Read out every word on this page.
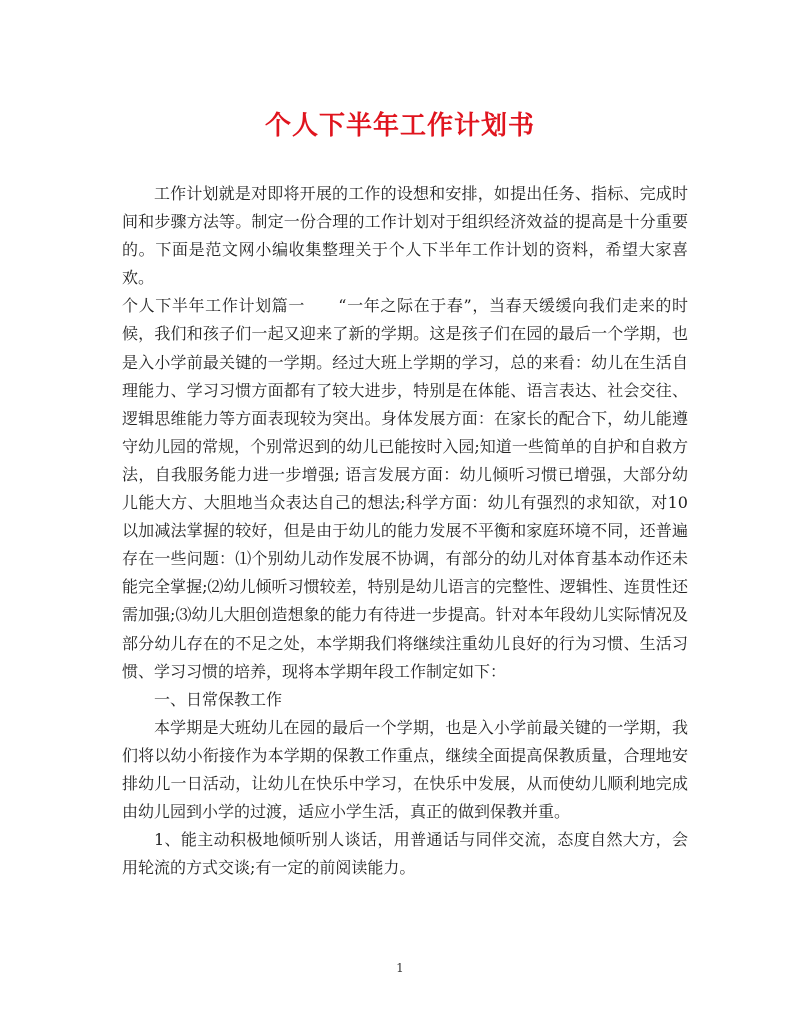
个人下半年工作计划书

工作计划就是对即将开展的工作的设想和安排，如提出任务、指标、完成时间和步骤方法等。制定一份合理的工作计划对于组织经济效益的提高是十分重要的。下面是范文网小编收集整理关于个人下半年工作计划的资料，希望大家喜欢。

个人下半年工作计划篇一　　“一年之际在于春”，当春天缓缓向我们走来的时候，我们和孩子们一起又迎来了新的学期。这是孩子们在园的最后一个学期，也是入小学前最关键的一学期。经过大班上学期的学习，总的来看：幼儿在生活自理能力、学习习惯方面都有了较大进步，特别是在体能、语言表达、社会交往、逻辑思维能力等方面表现较为突出。身体发展方面：在家长的配合下，幼儿能遵守幼儿园的常规，个别常迟到的幼儿已能按时入园;知道一些简单的自护和自救方法，自我服务能力进一步增强; 语言发展方面：幼儿倾听习惯已增强，大部分幼儿能大方、大胆地当众表达自己的想法;科学方面：幼儿有强烈的求知欲，对10以加减法掌握的较好，但是由于幼儿的能力发展不平衡和家庭环境不同，还普遍存在一些问题：⑴个别幼儿动作发展不协调，有部分的幼儿对体育基本动作还未能完全掌握;⑵幼儿倾听习惯较差，特别是幼儿语言的完整性、逻辑性、连贯性还需加强;⑶幼儿大胆创造想象的能力有待进一步提高。针对本年段幼儿实际情况及部分幼儿存在的不足之处，本学期我们将继续注重幼儿良好的行为习惯、生活习惯、学习习惯的培养，现将本学期年段工作制定如下：

一、日常保教工作

本学期是大班幼儿在园的最后一个学期，也是入小学前最关键的一学期，我们将以幼小衔接作为本学期的保教工作重点，继续全面提高保教质量，合理地安排幼儿一日活动，让幼儿在快乐中学习，在快乐中发展，从而使幼儿顺利地完成由幼儿园到小学的过渡，适应小学生活，真正的做到保教并重。

1、能主动积极地倾听别人谈话，用普通话与同伴交流，态度自然大方，会用轮流的方式交谈;有一定的前阅读能力。

1
